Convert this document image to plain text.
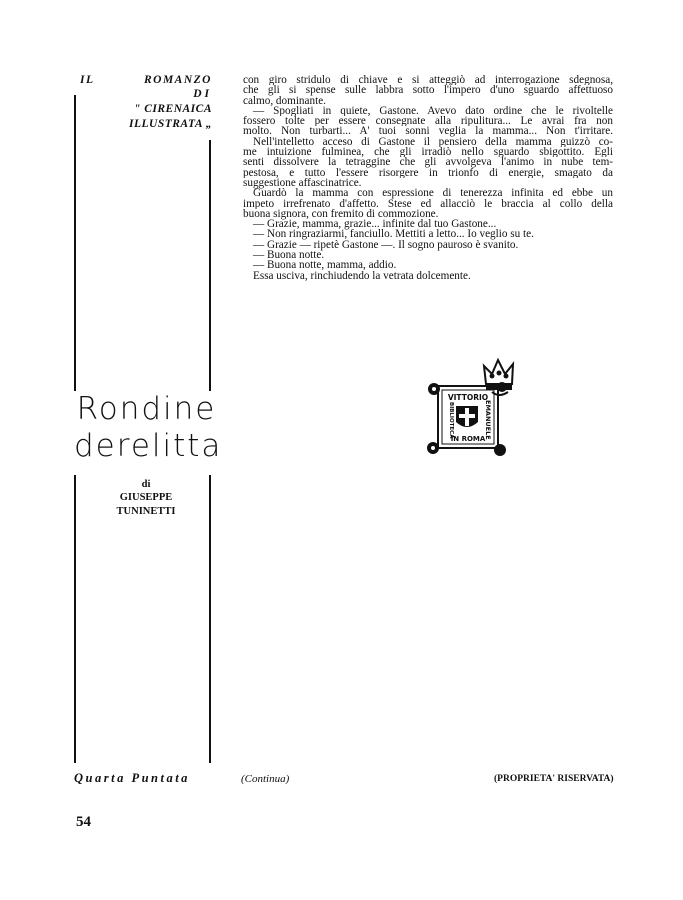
IL	ROMANZO
DI
" CIRENAICA
ILLUSTRATA „
Rondine
derelitta
di
GIUSEPPE
TUNINETTI
con giro stridulo di chiave e si atteggiò ad interrogazione sdegnosa,
che gli si spense sulle labbra sotto l'impero d'uno sguardo affettuoso
calmo, dominante.
— Spogliati in quiete, Gastone. Avevo dato ordine che le rivoltelle
fossero tolte per essere consegnate alla ripulitura... Le avrai fra non
molto. Non turbarti... A' tuoi sonni veglia la mamma... Non t'irritare.
Nell'intelletto acceso di Gastone il pensiero della mamma guizzò co-
me intuizione fulminea, che gli irradiò nello sguardo sbigottito. Egli
senti dissolvere la tetraggine che gli avvolgeva l'animo in nube tem-
pestosa, e tutto l'essere risorgere in trionfo di energie, smagato da
suggestione affascinatrice.
Guardò la mamma con espressione di tenerezza infinita ed ebbe un
impeto irrefrenato d'affetto. Stese ed allacciò le braccia al collo della
buona signora, con fremito di commozione.
— Grazie, mamma, grazie... infinite dal tuo Gastone...
— Non ringraziarmi, fanciullo. Mettiti a letto... Io veglio su te.
— Grazie — ripetè Gastone —. Il sogno pauroso è svanito.
— Buona notte.
— Buona notte, mamma, addio.
Essa usciva, rinchiudendo la vetrata dolcemente.
VITTORIO
IN ROMA
EMANUELE
BIBLIOTECA
Quarta Puntata	(Continua)	(PROPRIETA' RISERVATA)
54
